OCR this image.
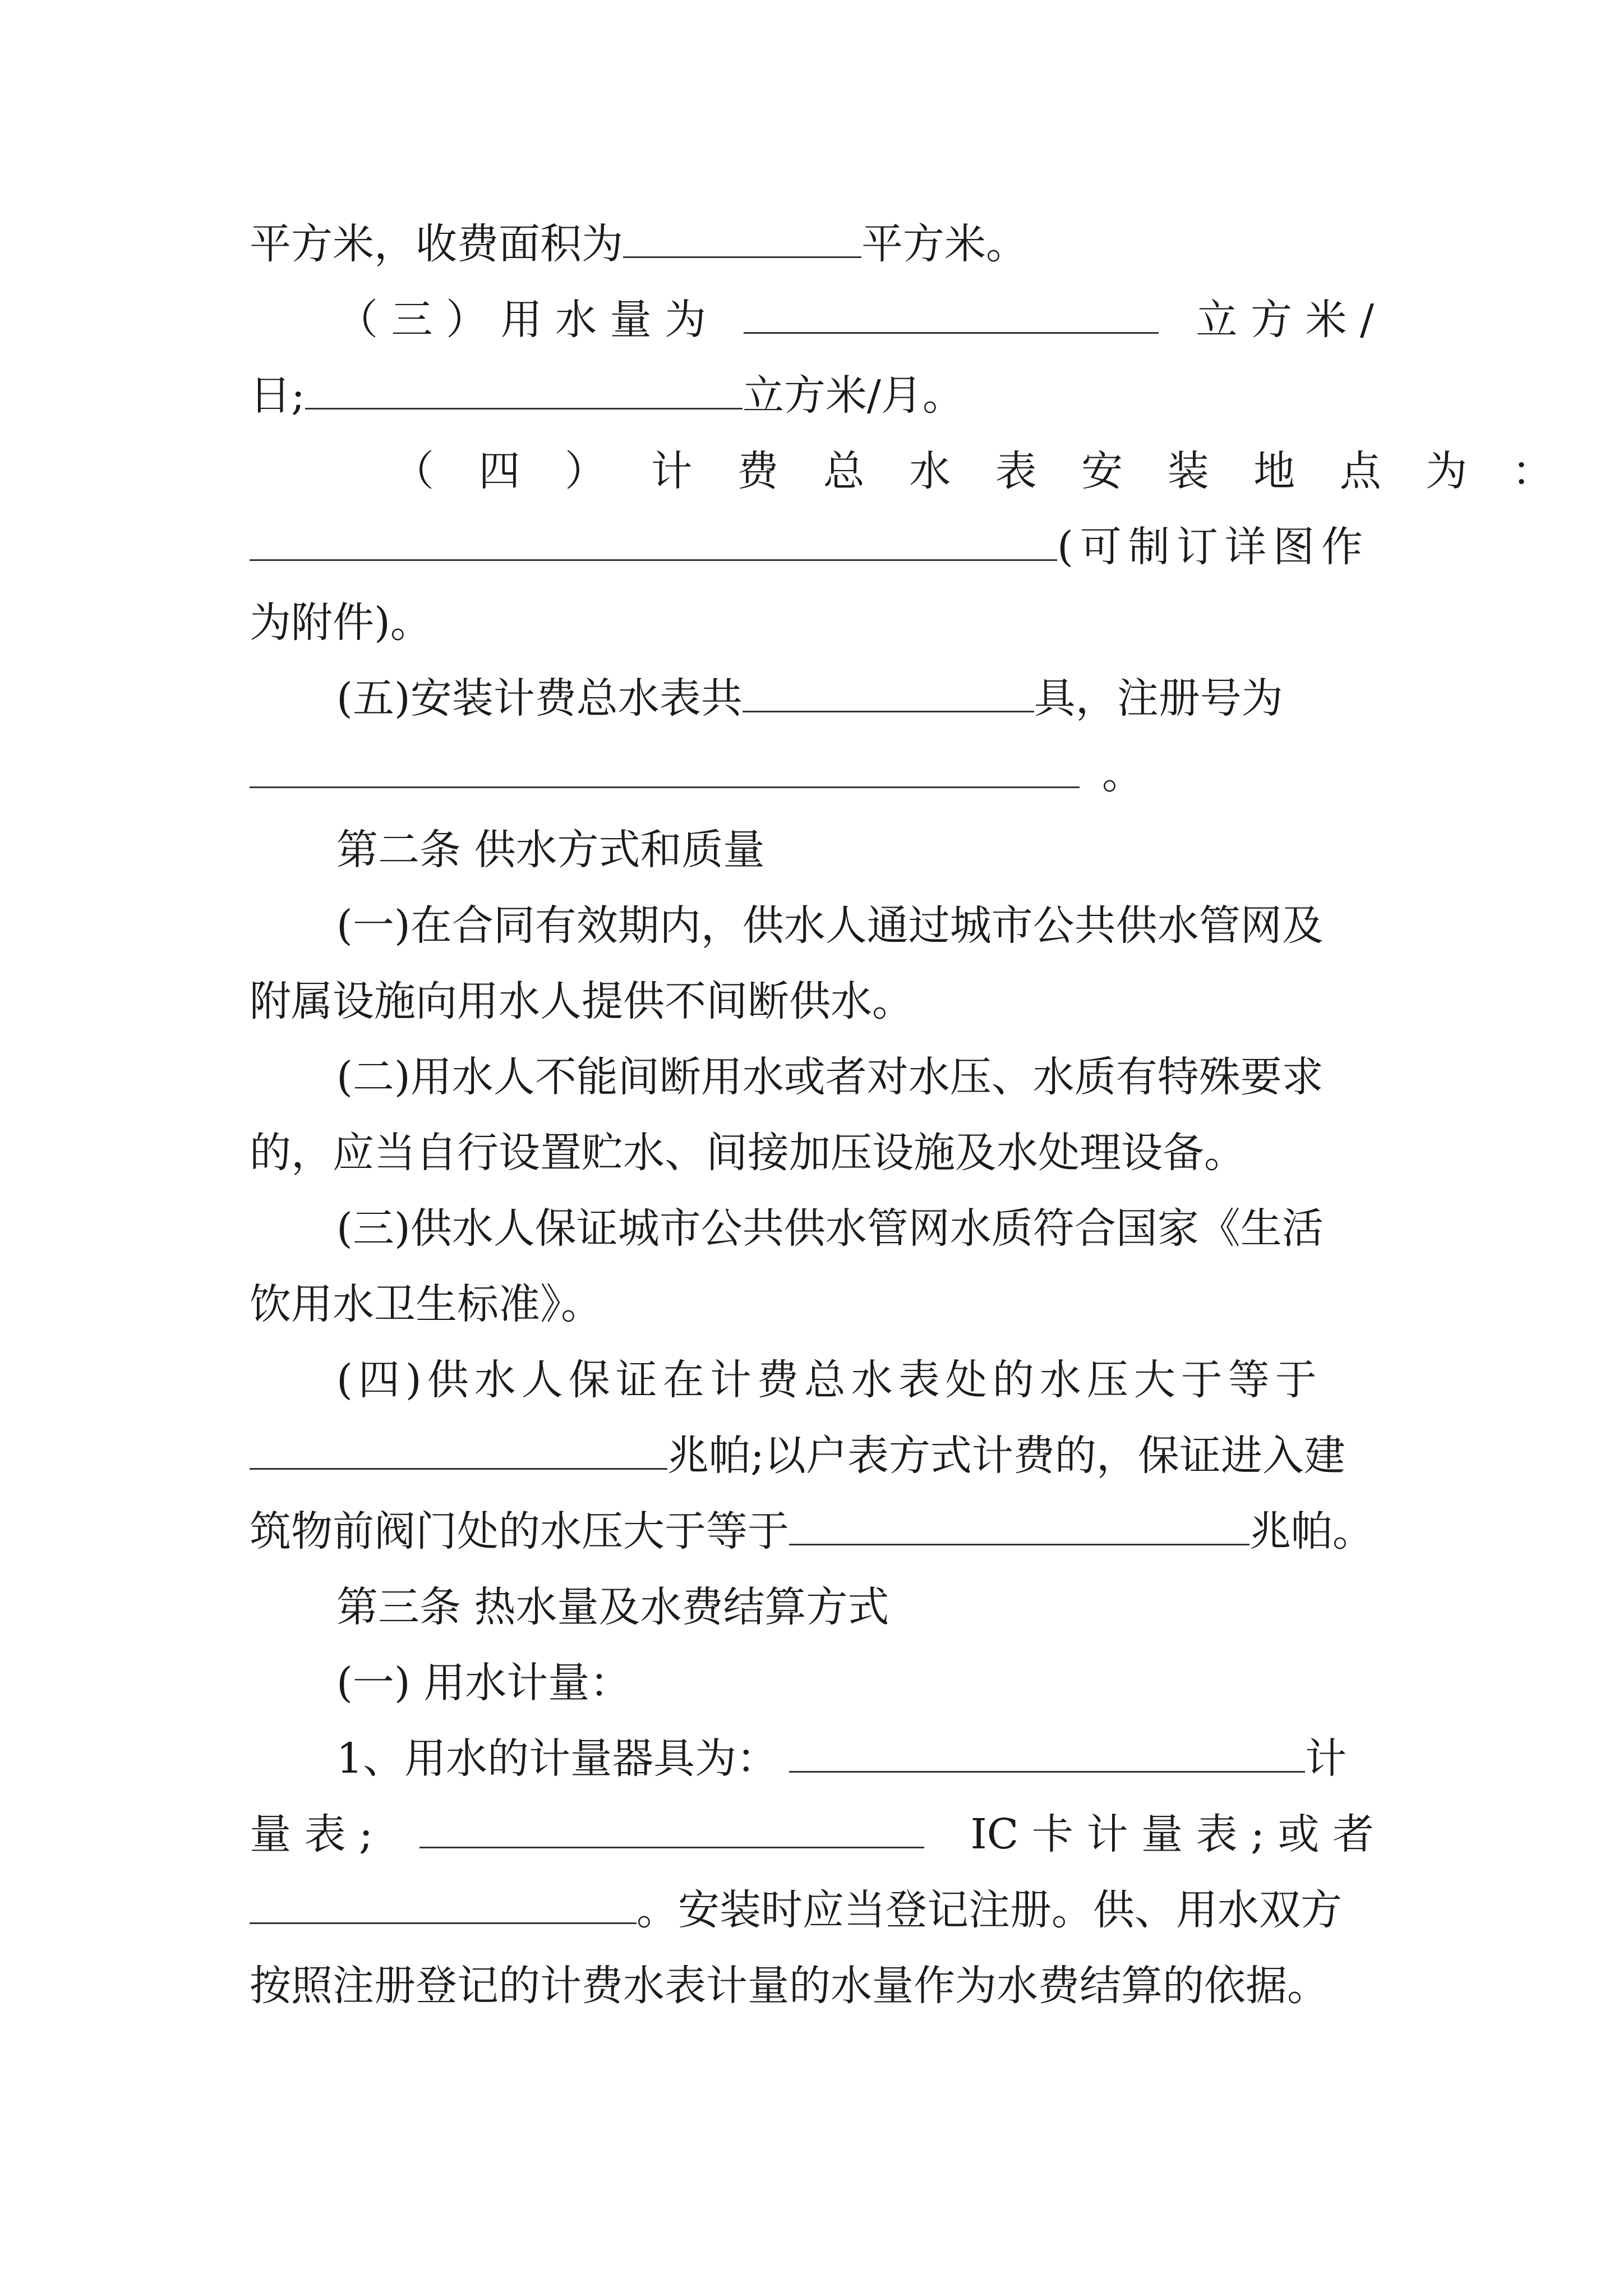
平方米，收费面积为	平方米。
（ 三 ） 用 水 量 为	立 方 米 /
日;	立方米/月。
（ 四 ） 计 费 总 水 表 安 装 地 点 为 ：
(可制订详图作
为附件)。
(五)安装计费总水表共	具，注册号为
。
第二条 供水方式和质量
(一)在合同有效期内，供水人通过城市公共供水管网及
附属设施向用水人提供不间断供水。
(二)用水人不能间断用水或者对水压、水质有特殊要求
的，应当自行设置贮水、间接加压设施及水处理设备。
(三)供水人保证城市公共供水管网水质符合国家《生活
饮用水卫生标准》。
(四)供水人保证在计费总水表处的水压大于等于
兆帕;以户表方式计费的，保证进入建
筑物前阀门处的水压大于等于	兆帕。
第三条 热水量及水费结算方式
(一) 用水计量：
1、用水的计量器具为：	计
量 表 ;	IC 卡 计 量 表 ; 或 者
。安装时应当登记注册。供、用水双方
按照注册登记的计费水表计量的水量作为水费结算的依据。
